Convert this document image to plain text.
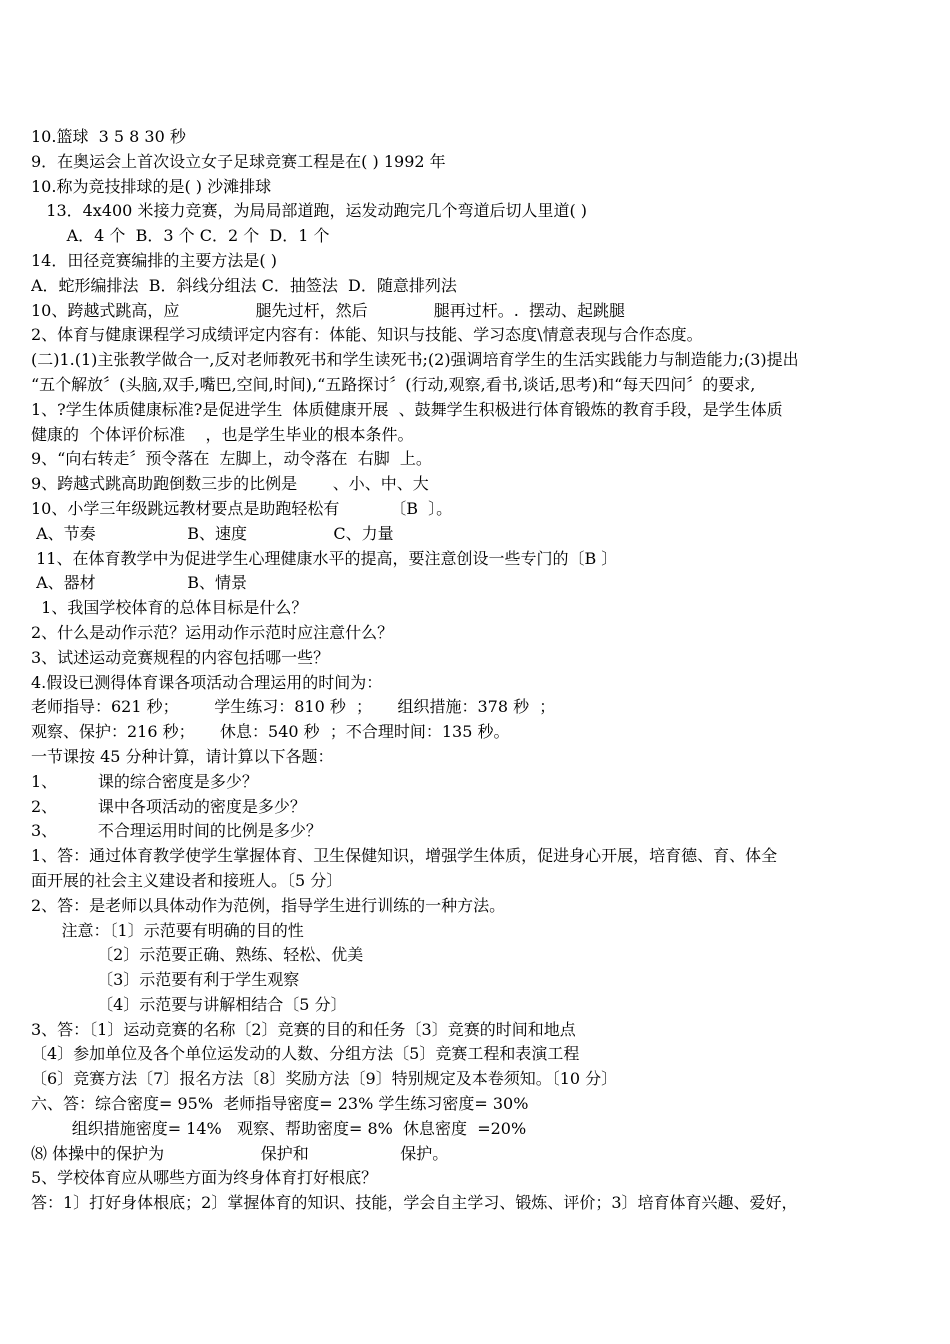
10.篮球  3 5 8 30 秒
9．在奥运会上首次设立女子足球竞赛工程是在( ) 1992 年
10.称为竞技排球的是( ) 沙滩排球
13．4x400 米接力竞赛，为局局部道跑，运发动跑完几个弯道后切人里道( )
A．4 个  B．3 个 C．2 个  D．1 个
14．田径竞赛编排的主要方法是( )
A．蛇形编排法  B．斜线分组法 C．抽签法  D．随意排列法
10、跨越式跳高，应               腿先过杆，然后             腿再过杆。.  摆动、起跳腿
2、体育与健康课程学习成绩评定内容有：体能、知识与技能、学习态度\情意表现与合作态度。
(二)1.(1)主张教学做合一,反对老师教死书和学生读死书;(2)强调培育学生的生活实践能力与制造能力;(3)提出
“五个解放〞(头脑,双手,嘴巴,空间,时间),“五路探讨〞(行动,观察,看书,谈话,思考)和“每天四问〞的要求,
1、?学生体质健康标准?是促进学生  体质健康开展  、鼓舞学生积极进行体育锻炼的教育手段，是学生体质
健康的  个体评价标准    ，也是学生毕业的根本条件。
9、“向右转走〞预令落在  左脚上，动令落在  右脚  上。
9、跨越式跳高助跑倒数三步的比例是       、小、中、大
10、小学三年级跳远教材要点是助跑轻松有          〔B  〕。
A、节奏                  B、速度                 C、力量
11、在体育教学中为促进学生心理健康水平的提高，要注意创设一些专门的〔B 〕
A、器材                  B、情景
1、我国学校体育的总体目标是什么？
2、什么是动作示范？运用动作示范时应注意什么？
3、试述运动竞赛规程的内容包括哪一些？
4.假设已测得体育课各项活动合理运用的时间为：
老师指导：621 秒；       学生练习：810 秒  ；     组织措施：378 秒  ；
观察、保护：216 秒；     休息：540 秒  ；不合理时间：135 秒。
一节课按 45 分种计算，请计算以下各题：
1、        课的综合密度是多少？
2、        课中各项活动的密度是多少？
3、        不合理运用时间的比例是多少？
1、答：通过体育教学使学生掌握体育、卫生保健知识，增强学生体质，促进身心开展，培育德、育、体全
面开展的社会主义建设者和接班人。〔5 分〕
2、答：是老师以具体动作为范例，指导学生进行训练的一种方法。
注意：〔1〕示范要有明确的目的性
〔2〕示范要正确、熟练、轻松、优美
〔3〕示范要有利于学生观察
〔4〕示范要与讲解相结合〔5 分〕
3、答：〔1〕运动竞赛的名称〔2〕竞赛的目的和任务〔3〕竞赛的时间和地点
〔4〕参加单位及各个单位运发动的人数、分组方法〔5〕竞赛工程和表演工程
〔6〕竞赛方法〔7〕报名方法〔8〕奖励方法〔9〕特别规定及本卷须知。〔10 分〕
六、答：综合密度= 95%  老师指导密度= 23% 学生练习密度= 30%
组织措施密度= 14%   观察、帮助密度= 8%  休息密度  =20%
⑻ 体操中的保护为                   保护和                  保护。
5、学校体育应从哪些方面为终身体育打好根底？
答：1〕打好身体根底；2〕掌握体育的知识、技能，学会自主学习、锻炼、评价；3〕培育体育兴趣、爱好，
